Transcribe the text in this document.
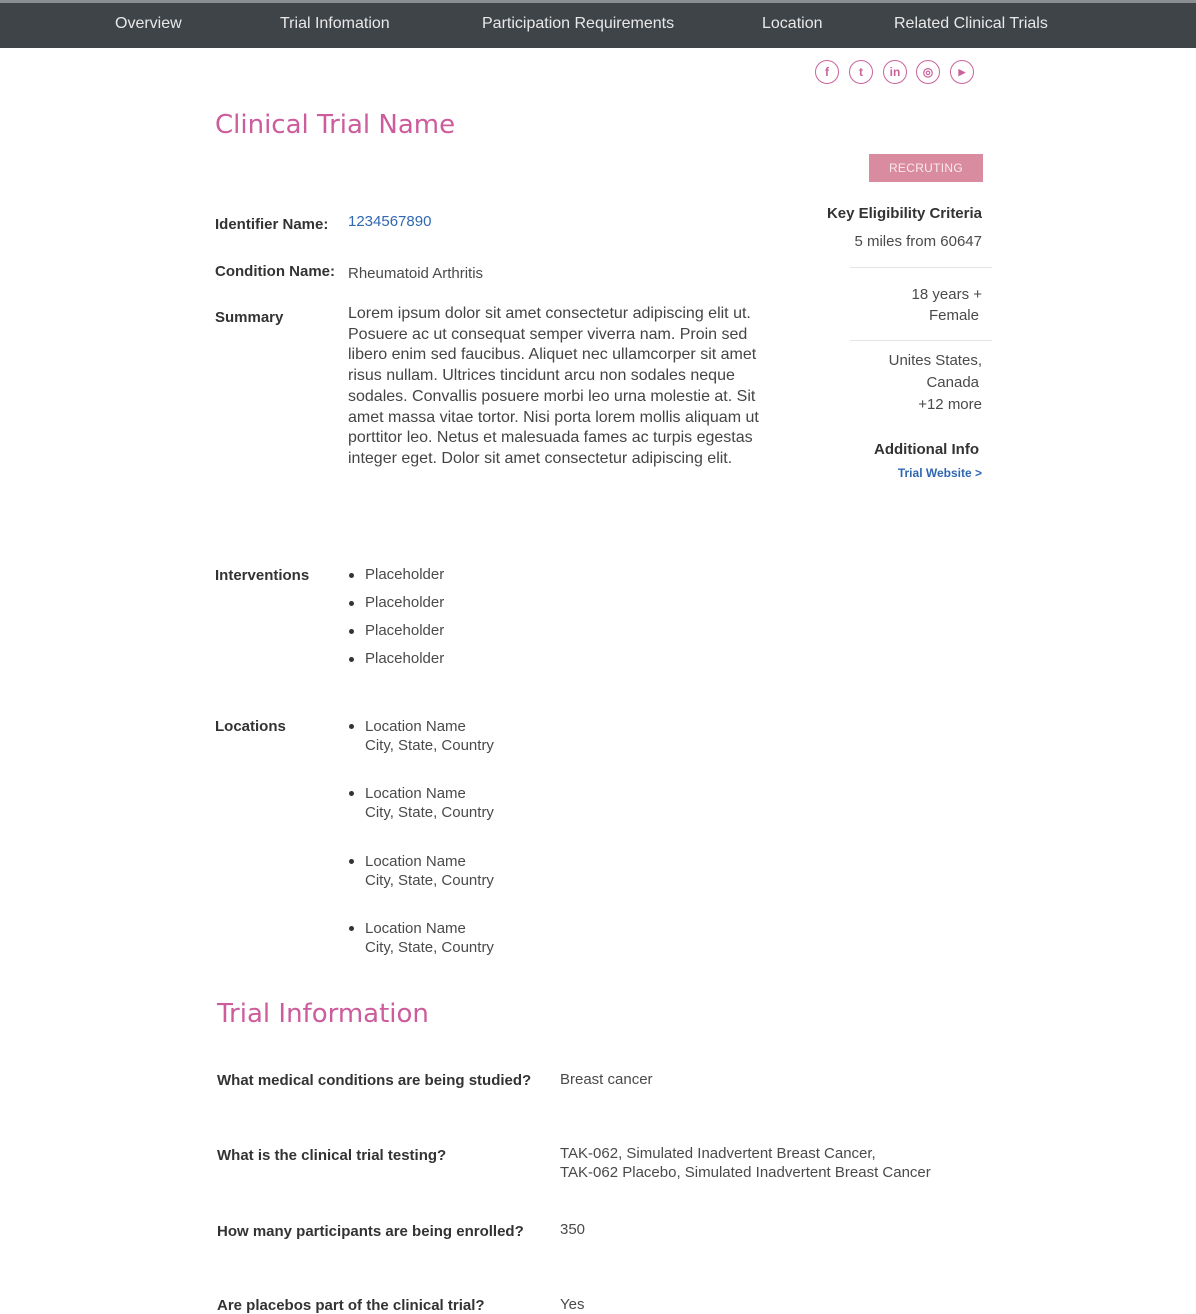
Overview	Trial Infomation	Participation Requirements	Location	Related Clinical Trials
f	t	in	◎	▶
Clinical Trial Name
RECRUTING
Identifier Name: 1234567890
Condition Name: Rheumatoid Arthritis
Summary	Lorem ipsum dolor sit amet consectetur adipiscing elit ut. Posuere ac ut consequat semper viverra nam. Proin sed libero enim sed faucibus. Aliquet nec ullamcorper sit amet risus nullam. Ultrices tincidunt arcu non sodales neque sodales. Convallis posuere morbi leo urna molestie at. Sit amet massa vitae tortor. Nisi porta lorem mollis aliquam ut porttitor leo. Netus et malesuada fames ac turpis egestas integer eget. Dolor sit amet consectetur adipiscing elit.
Interventions	Placeholder
Placeholder
Placeholder
Placeholder
Locations	Location Name
City, State, Country
Location Name
City, State, Country
Location Name
City, State, Country
Location Name
City, State, Country
Key Eligibility Criteria
5 miles from 60647
18 years +
Female
Unites States,
Canada
+12 more
Additional Info
Trial Website >
Trial Information
What medical conditions are being studied? Breast cancer
What is the clinical trial testing?	TAK-062, Simulated Inadvertent Breast Cancer,
TAK-062 Placebo, Simulated Inadvertent Breast Cancer
How many participants are being enrolled? 350
Are placebos part of the clinical trial?	Yes
